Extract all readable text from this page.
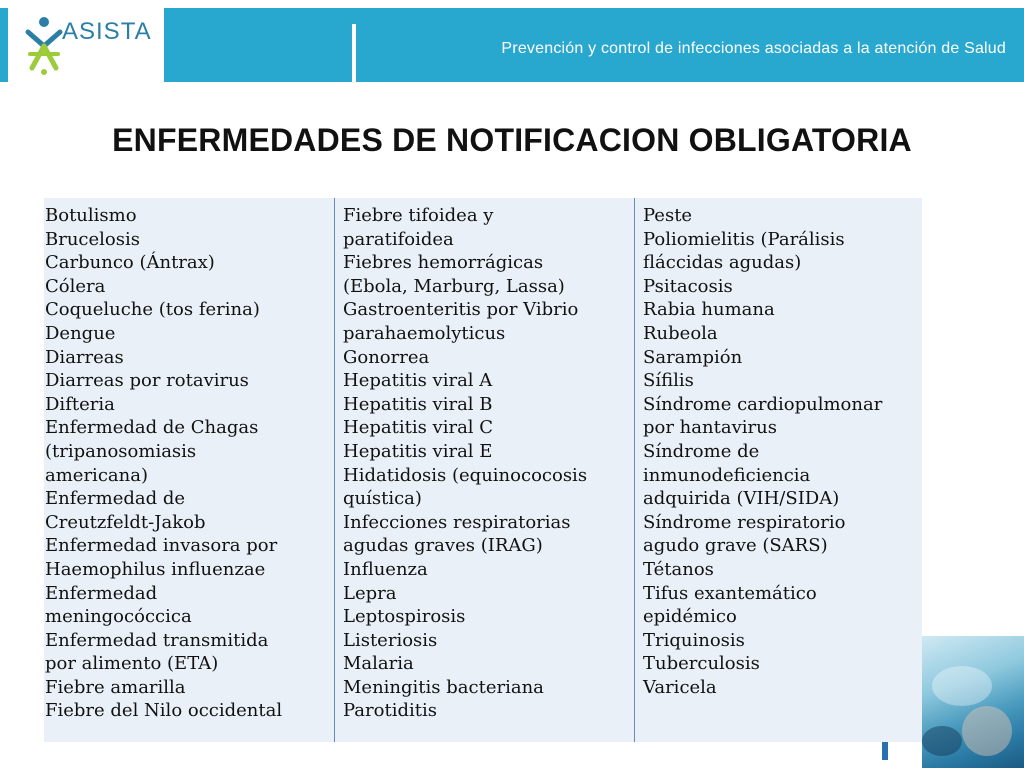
ASISTA
Prevención y control de infecciones asociadas a la atención de Salud
ENFERMEDADES DE NOTIFICACION OBLIGATORIA
Botulismo
Brucelosis
Carbunco (Ántrax)
Cólera
Coqueluche (tos ferina)
Dengue
Diarreas
Diarreas por rotavirus
Difteria
Enfermedad de Chagas
(tripanosomiasis
americana)
Enfermedad de
Creutzfeldt-Jakob
Enfermedad invasora por
Haemophilus influenzae
Enfermedad
meningocóccica
Enfermedad transmitida
por alimento (ETA)
Fiebre amarilla
Fiebre del Nilo occidental
Fiebre tifoidea y
paratifoidea
Fiebres hemorrágicas
(Ebola, Marburg, Lassa)
Gastroenteritis por Vibrio
parahaemolyticus
Gonorrea
Hepatitis viral A
Hepatitis viral B
Hepatitis viral C
Hepatitis viral E
Hidatidosis (equinococosis
quística)
Infecciones respiratorias
agudas graves (IRAG)
Influenza
Lepra
Leptospirosis
Listeriosis
Malaria
Meningitis bacteriana
Parotiditis
Peste
Poliomielitis (Parálisis
fláccidas agudas)
Psitacosis
Rabia humana
Rubeola
Sarampión
Sífilis
Síndrome cardiopulmonar
por hantavirus
Síndrome de
inmunodeficiencia
adquirida (VIH/SIDA)
Síndrome respiratorio
agudo grave (SARS)
Tétanos
Tifus exantemático
epidémico
Triquinosis
Tuberculosis
Varicela
